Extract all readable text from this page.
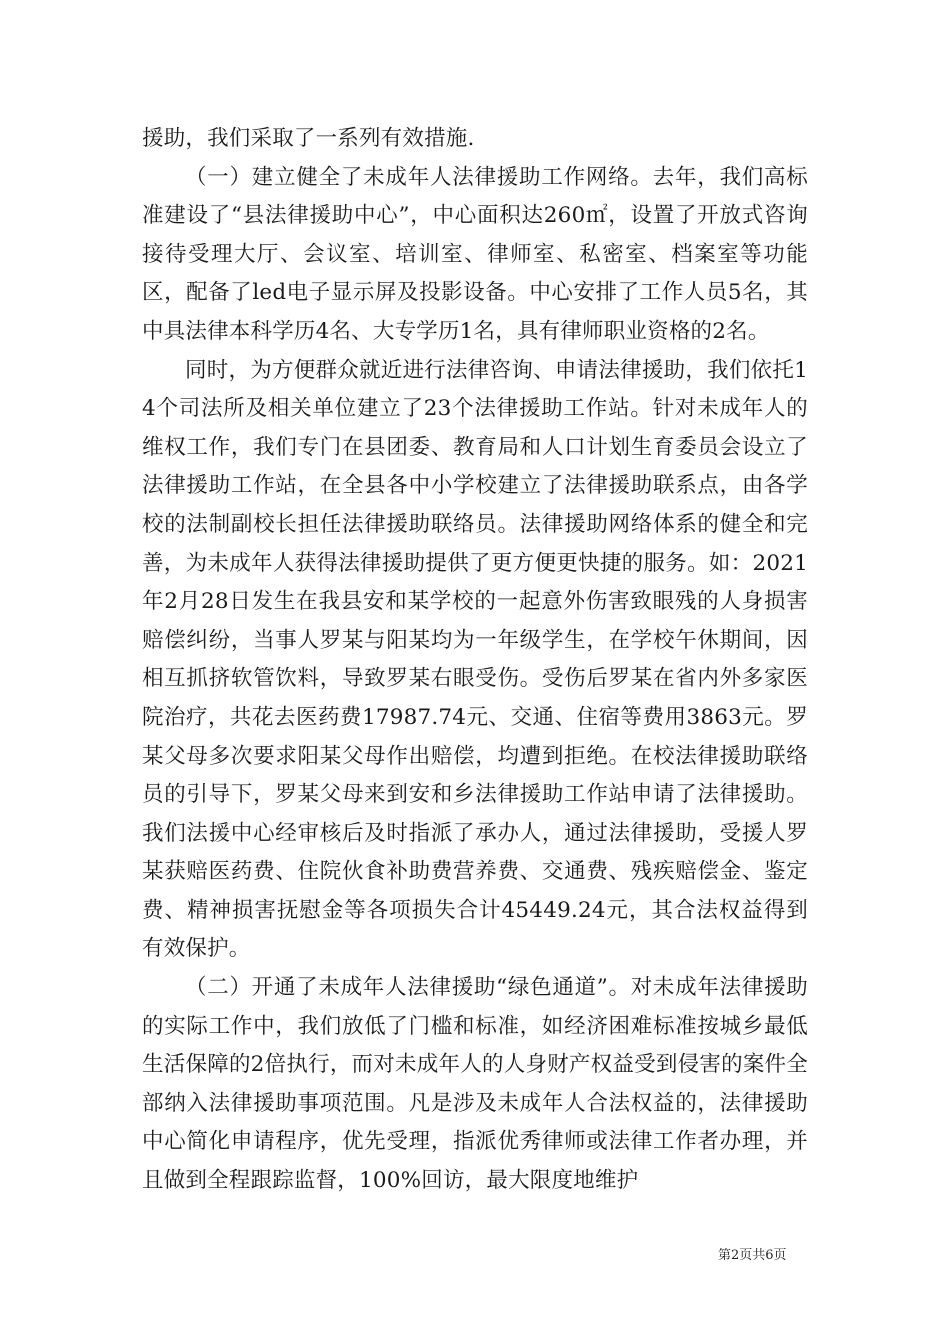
援助，我们采取了一系列有效措施.

（一）建立健全了未成年人法律援助工作网络。去年，我们高标准建设了“县法律援助中心”，中心面积达260㎡，设置了开放式咨询接待受理大厅、会议室、培训室、律师室、私密室、档案室等功能区，配备了led电子显示屏及投影设备。中心安排了工作人员5名，其中具法律本科学历4名、大专学历1名，具有律师职业资格的2名。

同时，为方便群众就近进行法律咨询、申请法律援助，我们依托14个司法所及相关单位建立了23个法律援助工作站。针对未成年人的维权工作，我们专门在县团委、教育局和人口计划生育委员会设立了法律援助工作站，在全县各中小学校建立了法律援助联系点，由各学校的法制副校长担任法律援助联络员。法律援助网络体系的健全和完善，为未成年人获得法律援助提供了更方便更快捷的服务。如：2021年2月28日发生在我县安和某学校的一起意外伤害致眼残的人身损害赔偿纠纷，当事人罗某与阳某均为一年级学生，在学校午休期间，因相互抓挤软管饮料，导致罗某右眼受伤。受伤后罗某在省内外多家医院治疗，共花去医药费17987.74元、交通、住宿等费用3863元。罗某父母多次要求阳某父母作出赔偿，均遭到拒绝。在校法律援助联络员的引导下，罗某父母来到安和乡法律援助工作站申请了法律援助。我们法援中心经审核后及时指派了承办人，通过法律援助，受援人罗某获赔医药费、住院伙食补助费营养费、交通费、残疾赔偿金、鉴定费、精神损害抚慰金等各项损失合计45449.24元，其合法权益得到有效保护。

（二）开通了未成年人法律援助“绿色通道”。对未成年法律援助的实际工作中，我们放低了门槛和标准，如经济困难标准按城乡最低生活保障的2倍执行，而对未成年人的人身财产权益受到侵害的案件全部纳入法律援助事项范围。凡是涉及未成年人合法权益的，法律援助中心简化申请程序，优先受理，指派优秀律师或法律工作者办理，并且做到全程跟踪监督，100%回访，最大限度地维护

第2页共6页
